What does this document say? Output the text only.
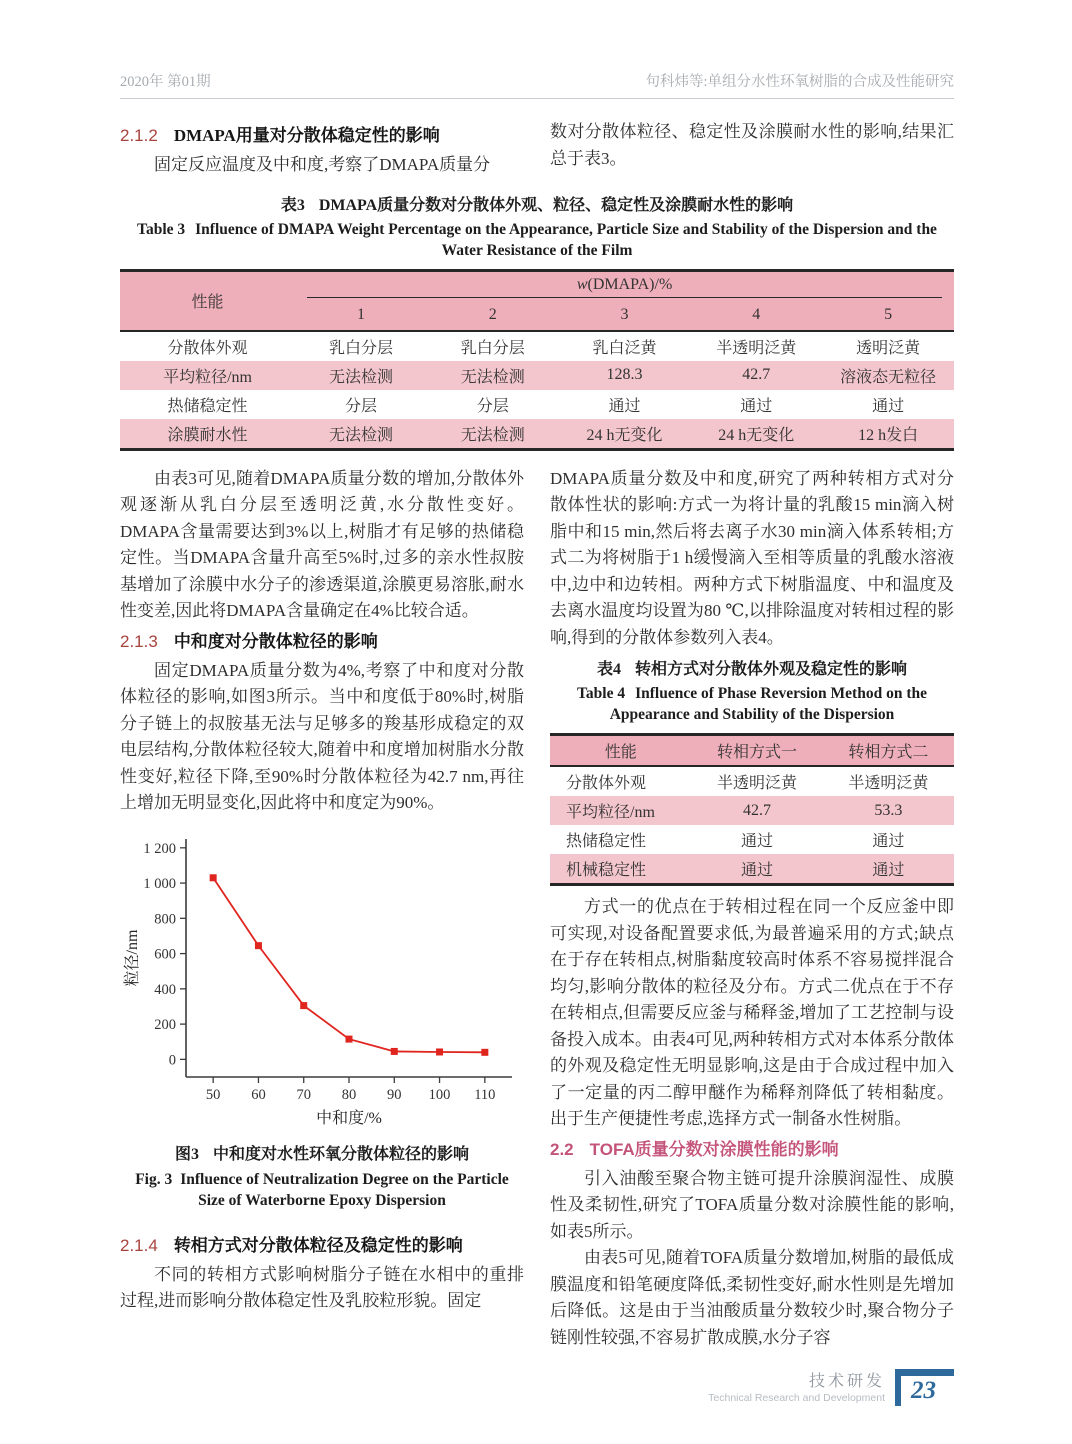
2020年 第01期	句科炜等:单组分水性环氧树脂的合成及性能研究
2.1.2 DMAPA用量对分散体稳定性的影响

固定反应温度及中和度,考察了DMAPA质量分

数对分散体粒径、稳定性及涂膜耐水性的影响,结果汇总于表3。

表3 DMAPA质量分数对分散体外观、粒径、稳定性及涂膜耐水性的影响
Table 3 Influence of DMAPA Weight Percentage on the Appearance, Particle Size and Stability of the Dispersion and the Water Resistance of the Film
性能	w(DMAPA)/%				
	1	2	3	4	5
分散体外观	乳白分层	乳白分层	乳白泛黄	半透明泛黄	透明泛黄
平均粒径/nm	无法检测	无法检测	128.3	42.7	溶液态无粒径
热储稳定性	分层	分层	通过	通过	通过
涂膜耐水性	无法检测	无法检测	24 h无变化	24 h无变化	12 h发白

由表3可见,随着DMAPA质量分数的增加,分散体外观逐渐从乳白分层至透明泛黄,水分散性变好。DMAPA含量需要达到3%以上,树脂才有足够的热储稳定性。当DMAPA含量升高至5%时,过多的亲水性叔胺基增加了涂膜中水分子的渗透渠道,涂膜更易溶胀,耐水性变差,因此将DMAPA含量确定在4%比较合适。

2.1.3 中和度对分散体粒径的影响

固定DMAPA质量分数为4%,考察了中和度对分散体粒径的影响,如图3所示。当中和度低于80%时,树脂分子链上的叔胺基无法与足够多的羧基形成稳定的双电层结构,分散体粒径较大,随着中和度增加树脂水分散性变好,粒径下降,至90%时分散体粒径为42.7 nm,再往上增加无明显变化,因此将中和度定为90%。

0
200
400
600
800
1 000
1 200
50 60 70 80 90 100 110
粒径/nm
中和度/%
图3 中和度对水性环氧分散体粒径的影响
Fig. 3 Influence of Neutralization Degree on the Particle Size of Waterborne Epoxy Dispersion
2.1.4 转相方式对分散体粒径及稳定性的影响

不同的转相方式影响树脂分子链在水相中的重排过程,进而影响分散体稳定性及乳胶粒形貌。固定

DMAPA质量分数及中和度,研究了两种转相方式对分散体性状的影响:方式一为将计量的乳酸15 min滴入树脂中和15 min,然后将去离子水30 min滴入体系转相;方式二为将树脂于1 h缓慢滴入至相等质量的乳酸水溶液中,边中和边转相。两种方式下树脂温度、中和温度及去离水温度均设置为80 ℃,以排除温度对转相过程的影响,得到的分散体参数列入表4。

表4 转相方式对分散体外观及稳定性的影响
Table 4 Influence of Phase Reversion Method on the Appearance and Stability of the Dispersion
性能	转相方式一	转相方式二
分散体外观	半透明泛黄	半透明泛黄
平均粒径/nm	42.7	53.3
热储稳定性	通过	通过
机械稳定性	通过	通过

方式一的优点在于转相过程在同一个反应釜中即可实现,对设备配置要求低,为最普遍采用的方式;缺点在于存在转相点,树脂黏度较高时体系不容易搅拌混合均匀,影响分散体的粒径及分布。方式二优点在于不存在转相点,但需要反应釜与稀释釜,增加了工艺控制与设备投入成本。由表4可见,两种转相方式对本体系分散体的外观及稳定性无明显影响,这是由于合成过程中加入了一定量的丙二醇甲醚作为稀释剂降低了转相黏度。出于生产便捷性考虑,选择方式一制备水性树脂。

2.2 TOFA质量分数对涂膜性能的影响

引入油酸至聚合物主链可提升涂膜润湿性、成膜性及柔韧性,研究了TOFA质量分数对涂膜性能的影响,如表5所示。

由表5可见,随着TOFA质量分数增加,树脂的最低成膜温度和铅笔硬度降低,柔韧性变好,耐水性则是先增加后降低。这是由于当油酸质量分数较少时,聚合物分子链刚性较强,不容易扩散成膜,水分子容

技术研发
Technical Research and Development	23
